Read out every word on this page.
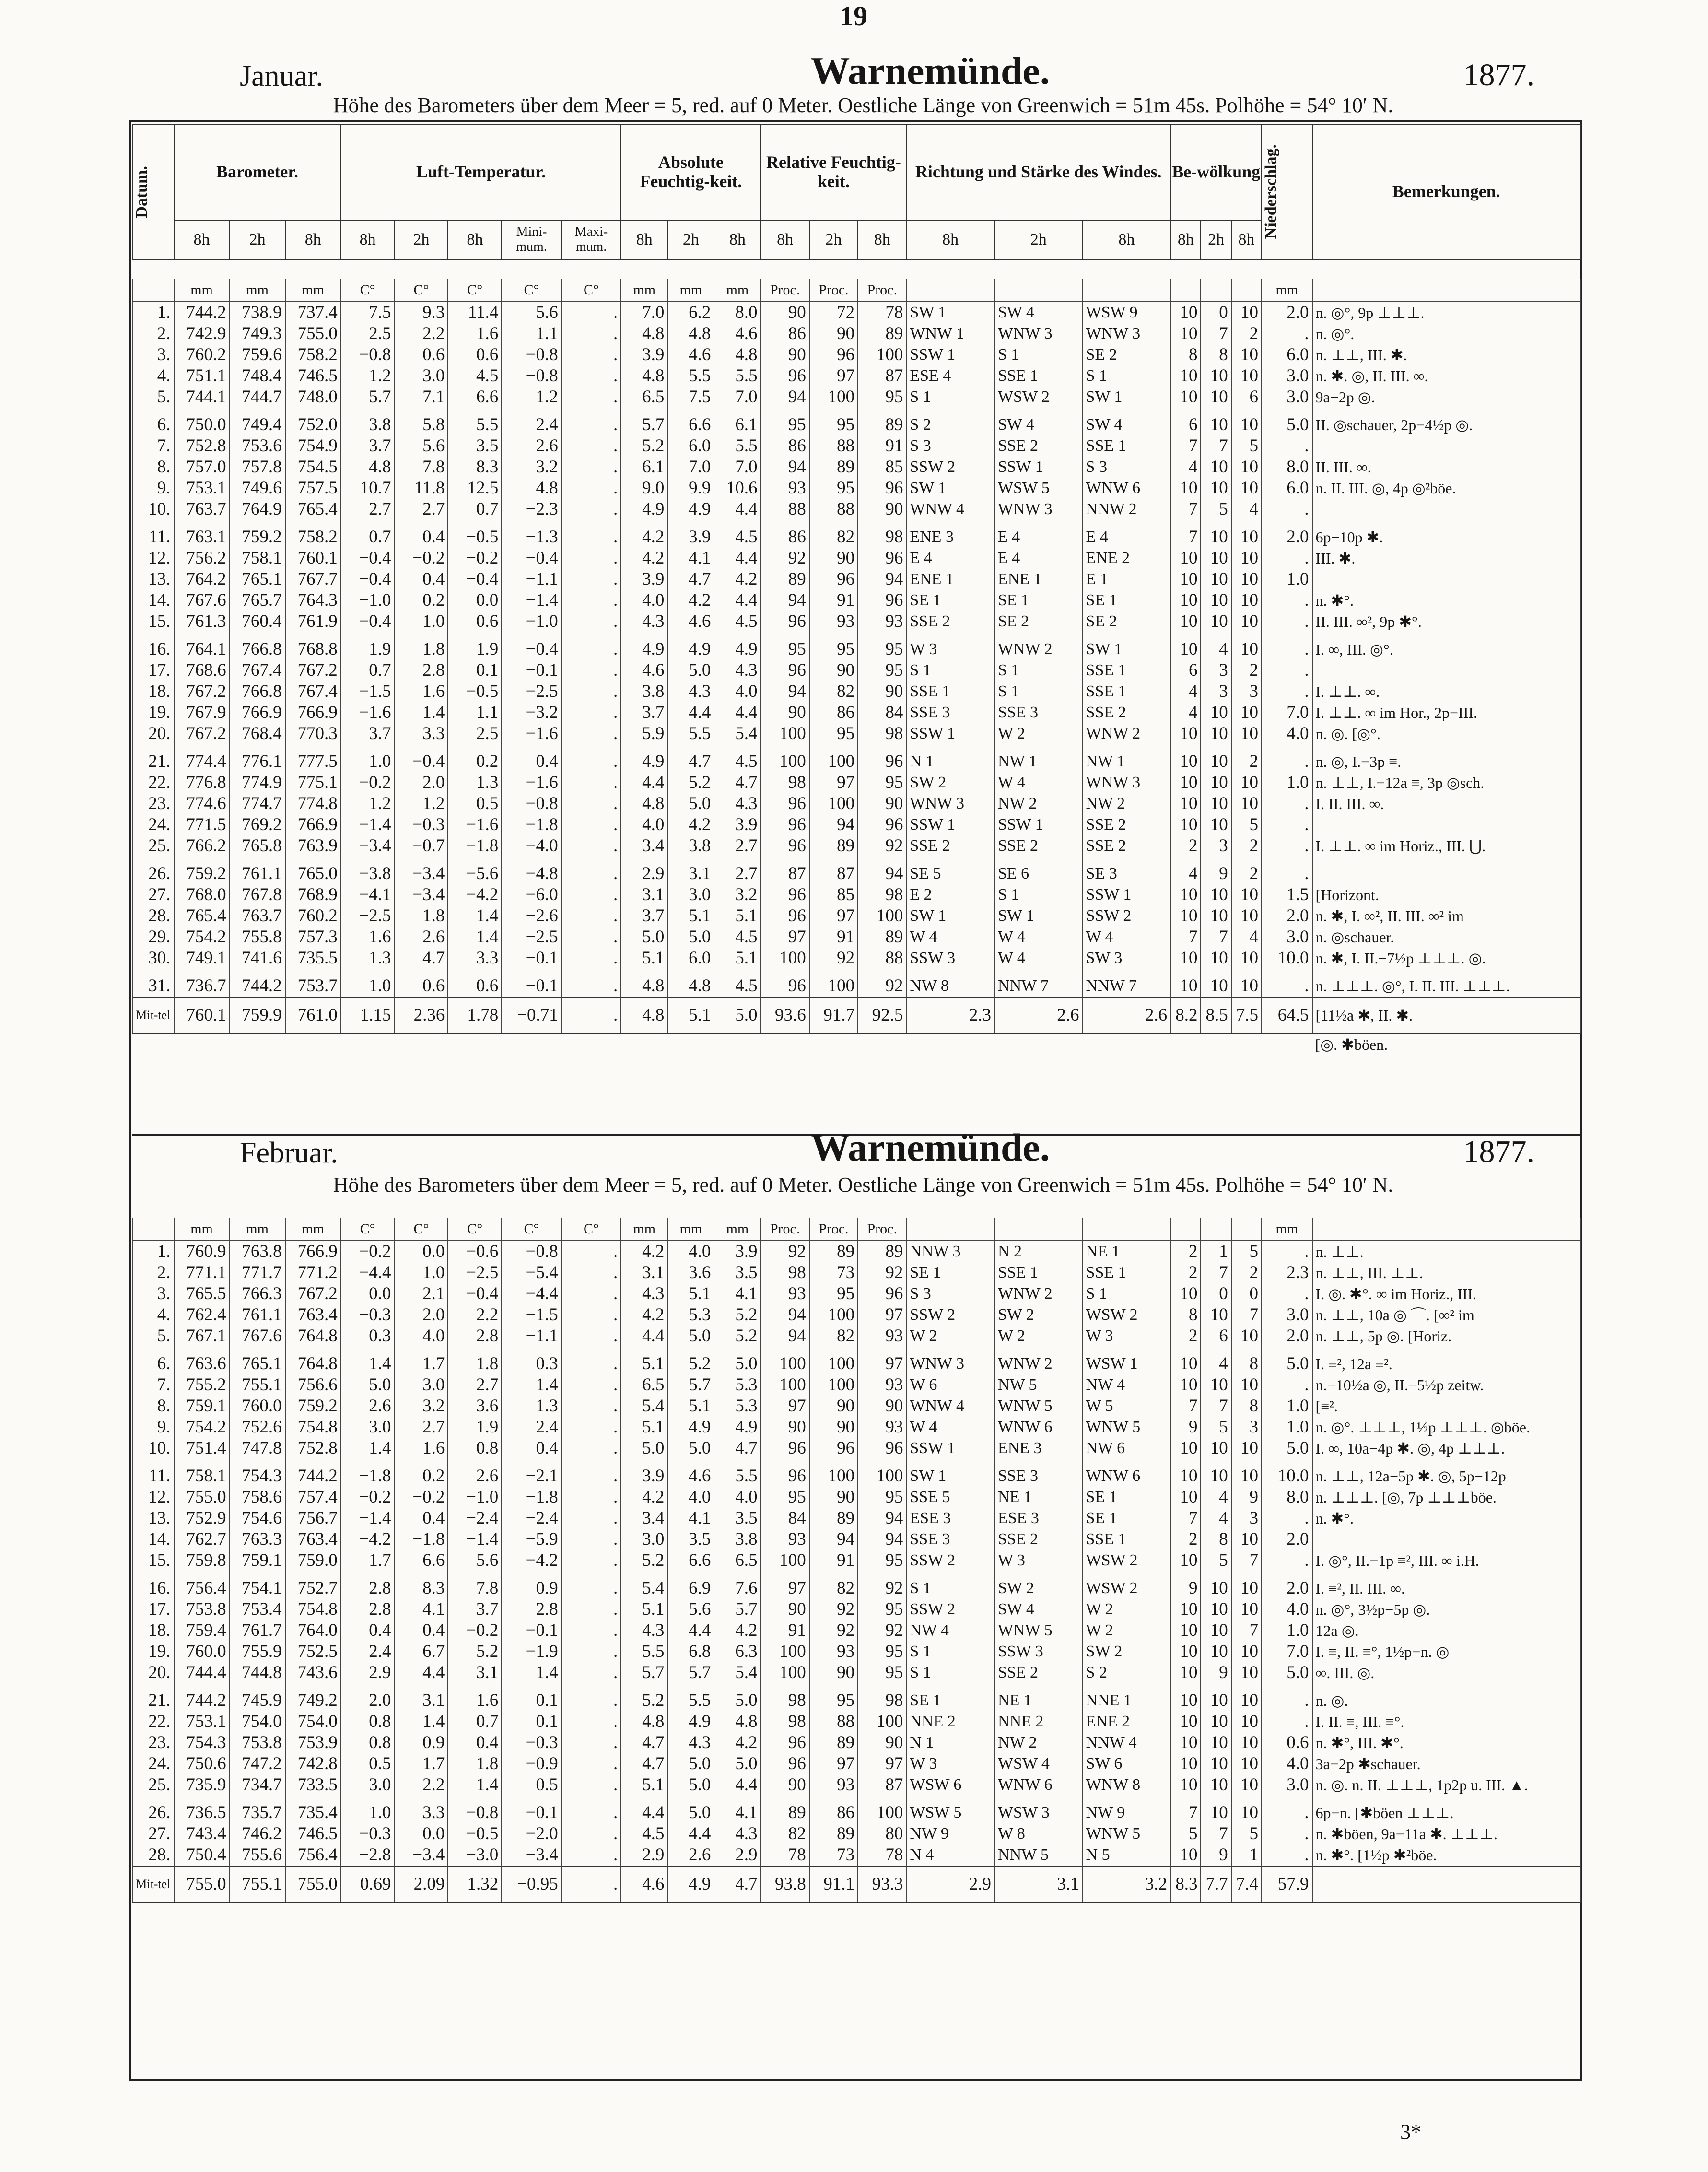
19
Januar.	Warnemünde.	1877.
Höhe des Barometers über dem Meer = 5, red. auf 0 Meter. Oestliche Länge von Greenwich = 51m 45s. Polhöhe = 54° 10′ N.
Datum.	Barometer.			Luft-Temperatur.					Absolute Feuchtig-keit.			Relative Feuchtig-keit.			Richtung und Stärke des Windes.			Be-wölkung			Niederschlag.	Bemerkungen.
	8h	2h	8h	8h	2h	8h	Mini-mum.	Maxi-mum.	8h	2h	8h	8h	2h	8h	8h	2h	8h	8h	2h	8h		
	mm	mm	mm	C°	C°	C°	C°	C°	mm	mm	mm	Proc.	Proc.	Proc.							mm	
1.	744.2	738.9	737.4	7.5	9.3	11.4	5.6	.	7.0	6.2	8.0	90	72	78	SW 1	SW 4	WSW 9	10	0	10	2.0	n. ◎°, 9p ⊥⊥⊥.
2.	742.9	749.3	755.0	2.5	2.2	1.6	1.1	.	4.8	4.8	4.6	86	90	89	WNW 1	WNW 3	WNW 3	10	7	2	.	n. ◎°.
3.	760.2	759.6	758.2	−0.8	0.6	0.6	−0.8	.	3.9	4.6	4.8	90	96	100	SSW 1	S 1	SE 2	8	8	10	6.0	n. ⊥⊥, III. ✱.
4.	751.1	748.4	746.5	1.2	3.0	4.5	−0.8	.	4.8	5.5	5.5	96	97	87	ESE 4	SSE 1	S 1	10	10	10	3.0	n. ✱. ◎, II. III. ∞.
5.	744.1	744.7	748.0	5.7	7.1	6.6	1.2	.	6.5	7.5	7.0	94	100	95	S 1	WSW 2	SW 1	10	10	6	3.0	9a−2p ◎.

6.	750.0	749.4	752.0	3.8	5.8	5.5	2.4	.	5.7	6.6	6.1	95	95	89	S 2	SW 4	SW 4	6	10	10	5.0	II. ◎schauer, 2p−4½p ◎.
7.	752.8	753.6	754.9	3.7	5.6	3.5	2.6	.	5.2	6.0	5.5	86	88	91	S 3	SSE 2	SSE 1	7	7	5	.	
8.	757.0	757.8	754.5	4.8	7.8	8.3	3.2	.	6.1	7.0	7.0	94	89	85	SSW 2	SSW 1	S 3	4	10	10	8.0	II. III. ∞.
9.	753.1	749.6	757.5	10.7	11.8	12.5	4.8	.	9.0	9.9	10.6	93	95	96	SW 1	WSW 5	WNW 6	10	10	10	6.0	n. II. III. ◎, 4p ◎²böe.
10.	763.7	764.9	765.4	2.7	2.7	0.7	−2.3	.	4.9	4.9	4.4	88	88	90	WNW 4	WNW 3	NNW 2	7	5	4	.	

11.	763.1	759.2	758.2	0.7	0.4	−0.5	−1.3	.	4.2	3.9	4.5	86	82	98	ENE 3	E 4	E 4	7	10	10	2.0	6p−10p ✱.
12.	756.2	758.1	760.1	−0.4	−0.2	−0.2	−0.4	.	4.2	4.1	4.4	92	90	96	E 4	E 4	ENE 2	10	10	10	.	III. ✱.
13.	764.2	765.1	767.7	−0.4	0.4	−0.4	−1.1	.	3.9	4.7	4.2	89	96	94	ENE 1	ENE 1	E 1	10	10	10	1.0	
14.	767.6	765.7	764.3	−1.0	0.2	0.0	−1.4	.	4.0	4.2	4.4	94	91	96	SE 1	SE 1	SE 1	10	10	10	.	n. ✱°.
15.	761.3	760.4	761.9	−0.4	1.0	0.6	−1.0	.	4.3	4.6	4.5	96	93	93	SSE 2	SE 2	SE 2	10	10	10	.	II. III. ∞², 9p ✱°.

16.	764.1	766.8	768.8	1.9	1.8	1.9	−0.4	.	4.9	4.9	4.9	95	95	95	W 3	WNW 2	SW 1	10	4	10	.	I. ∞, III. ◎°.
17.	768.6	767.4	767.2	0.7	2.8	0.1	−0.1	.	4.6	5.0	4.3	96	90	95	S 1	S 1	SSE 1	6	3	2	.	
18.	767.2	766.8	767.4	−1.5	1.6	−0.5	−2.5	.	3.8	4.3	4.0	94	82	90	SSE 1	S 1	SSE 1	4	3	3	.	I. ⊥⊥. ∞.
19.	767.9	766.9	766.9	−1.6	1.4	1.1	−3.2	.	3.7	4.4	4.4	90	86	84	SSE 3	SSE 3	SSE 2	4	10	10	7.0	I. ⊥⊥. ∞ im Hor., 2p−III.
20.	767.2	768.4	770.3	3.7	3.3	2.5	−1.6	.	5.9	5.5	5.4	100	95	98	SSW 1	W 2	WNW 2	10	10	10	4.0	n. ◎. [◎°.

21.	774.4	776.1	777.5	1.0	−0.4	0.2	0.4	.	4.9	4.7	4.5	100	100	96	N 1	NW 1	NW 1	10	10	2	.	n. ◎, I.−3p ≡.
22.	776.8	774.9	775.1	−0.2	2.0	1.3	−1.6	.	4.4	5.2	4.7	98	97	95	SW 2	W 4	WNW 3	10	10	10	1.0	n. ⊥⊥, I.−12a ≡, 3p ◎sch.
23.	774.6	774.7	774.8	1.2	1.2	0.5	−0.8	.	4.8	5.0	4.3	96	100	90	WNW 3	NW 2	NW 2	10	10	10	.	I. II. III. ∞.
24.	771.5	769.2	766.9	−1.4	−0.3	−1.6	−1.8	.	4.0	4.2	3.9	96	94	96	SSW 1	SSW 1	SSE 2	10	10	5	.	
25.	766.2	765.8	763.9	−3.4	−0.7	−1.8	−4.0	.	3.4	3.8	2.7	96	89	92	SSE 2	SSE 2	SSE 2	2	3	2	.	I. ⊥⊥. ∞ im Horiz., III. ⋃.

26.	759.2	761.1	765.0	−3.8	−3.4	−5.6	−4.8	.	2.9	3.1	2.7	87	87	94	SE 5	SE 6	SE 3	4	9	2	.	
27.	768.0	767.8	768.9	−4.1	−3.4	−4.2	−6.0	.	3.1	3.0	3.2	96	85	98	E 2	S 1	SSW 1	10	10	10	1.5	[Horizont.
28.	765.4	763.7	760.2	−2.5	1.8	1.4	−2.6	.	3.7	5.1	5.1	96	97	100	SW 1	SW 1	SSW 2	10	10	10	2.0	n. ✱, I. ∞², II. III. ∞² im
29.	754.2	755.8	757.3	1.6	2.6	1.4	−2.5	.	5.0	5.0	4.5	97	91	89	W 4	W 4	W 4	7	7	4	3.0	n. ◎schauer.
30.	749.1	741.6	735.5	1.3	4.7	3.3	−0.1	.	5.1	6.0	5.1	100	92	88	SSW 3	W 4	SW 3	10	10	10	10.0	n. ✱, I. II.−7½p ⊥⊥⊥. ◎.

31.	736.7	744.2	753.7	1.0	0.6	0.6	−0.1	.	4.8	4.8	4.5	96	100	92	NW 8	NNW 7	NNW 7	10	10	10	.	n. ⊥⊥⊥. ◎°, I. II. III. ⊥⊥⊥.
Mit-tel	760.1	759.9	761.0	1.15	2.36	1.78	−0.71	.	4.8	5.1	5.0	93.6	91.7	92.5	2.3	2.6	2.6	8.2	8.5	7.5	64.5	[11½a ✱, II. ✱.
																						[◎. ✱böen.
Februar.	Warnemünde.	1877.
Höhe des Barometers über dem Meer = 5, red. auf 0 Meter. Oestliche Länge von Greenwich = 51m 45s. Polhöhe = 54° 10′ N.
	mm	mm	mm	C°	C°	C°	C°	C°	mm	mm	mm	Proc.	Proc.	Proc.							mm	
1.	760.9	763.8	766.9	−0.2	0.0	−0.6	−0.8	.	4.2	4.0	3.9	92	89	89	NNW 3	N 2	NE 1	2	1	5	.	n. ⊥⊥.
2.	771.1	771.7	771.2	−4.4	1.0	−2.5	−5.4	.	3.1	3.6	3.5	98	73	92	SE 1	SSE 1	SSE 1	2	7	2	2.3	n. ⊥⊥, III. ⊥⊥.
3.	765.5	766.3	767.2	0.0	2.1	−0.4	−4.4	.	4.3	5.1	4.1	93	95	96	S 3	WNW 2	S 1	10	0	0	.	I. ◎. ✱°. ∞ im Horiz., III.
4.	762.4	761.1	763.4	−0.3	2.0	2.2	−1.5	.	4.2	5.3	5.2	94	100	97	SSW 2	SW 2	WSW 2	8	10	7	3.0	n. ⊥⊥, 10a ◎ ⌒. [∞² im
5.	767.1	767.6	764.8	0.3	4.0	2.8	−1.1	.	4.4	5.0	5.2	94	82	93	W 2	W 2	W 3	2	6	10	2.0	n. ⊥⊥, 5p ◎. [Horiz.

6.	763.6	765.1	764.8	1.4	1.7	1.8	0.3	.	5.1	5.2	5.0	100	100	97	WNW 3	WNW 2	WSW 1	10	4	8	5.0	I. ≡², 12a ≡².
7.	755.2	755.1	756.6	5.0	3.0	2.7	1.4	.	6.5	5.7	5.3	100	100	93	W 6	NW 5	NW 4	10	10	10	.	n.−10½a ◎, II.−5½p zeitw.
8.	759.1	760.0	759.2	2.6	3.2	3.6	1.3	.	5.4	5.1	5.3	97	90	90	WNW 4	WNW 5	W 5	7	7	8	1.0	[≡².
9.	754.2	752.6	754.8	3.0	2.7	1.9	2.4	.	5.1	4.9	4.9	90	90	93	W 4	WNW 6	WNW 5	9	5	3	1.0	n. ◎°. ⊥⊥⊥, 1½p ⊥⊥⊥. ◎böe.
10.	751.4	747.8	752.8	1.4	1.6	0.8	0.4	.	5.0	5.0	4.7	96	96	96	SSW 1	ENE 3	NW 6	10	10	10	5.0	I. ∞, 10a−4p ✱. ◎, 4p ⊥⊥⊥.

11.	758.1	754.3	744.2	−1.8	0.2	2.6	−2.1	.	3.9	4.6	5.5	96	100	100	SW 1	SSE 3	WNW 6	10	10	10	10.0	n. ⊥⊥, 12a−5p ✱. ◎, 5p−12p
12.	755.0	758.6	757.4	−0.2	−0.2	−1.0	−1.8	.	4.2	4.0	4.0	95	90	95	SSE 5	NE 1	SE 1	10	4	9	8.0	n. ⊥⊥⊥. [◎, 7p ⊥⊥⊥böe.
13.	752.9	754.6	756.7	−1.4	0.4	−2.4	−2.4	.	3.4	4.1	3.5	84	89	94	ESE 3	ESE 3	SE 1	7	4	3	.	n. ✱°.
14.	762.7	763.3	763.4	−4.2	−1.8	−1.4	−5.9	.	3.0	3.5	3.8	93	94	94	SSE 3	SSE 2	SSE 1	2	8	10	2.0	
15.	759.8	759.1	759.0	1.7	6.6	5.6	−4.2	.	5.2	6.6	6.5	100	91	95	SSW 2	W 3	WSW 2	10	5	7	.	I. ◎°, II.−1p ≡², III. ∞ i.H.

16.	756.4	754.1	752.7	2.8	8.3	7.8	0.9	.	5.4	6.9	7.6	97	82	92	S 1	SW 2	WSW 2	9	10	10	2.0	I. ≡², II. III. ∞.
17.	753.8	753.4	754.8	2.8	4.1	3.7	2.8	.	5.1	5.6	5.7	90	92	95	SSW 2	SW 4	W 2	10	10	10	4.0	n. ◎°, 3½p−5p ◎.
18.	759.4	761.7	764.0	0.4	0.4	−0.2	−0.1	.	4.3	4.4	4.2	91	92	92	NW 4	WNW 5	W 2	10	10	7	1.0	12a ◎.
19.	760.0	755.9	752.5	2.4	6.7	5.2	−1.9	.	5.5	6.8	6.3	100	93	95	S 1	SSW 3	SW 2	10	10	10	7.0	I. ≡, II. ≡°, 1½p−n. ◎
20.	744.4	744.8	743.6	2.9	4.4	3.1	1.4	.	5.7	5.7	5.4	100	90	95	S 1	SSE 2	S 2	10	9	10	5.0	∞. III. ◎.

21.	744.2	745.9	749.2	2.0	3.1	1.6	0.1	.	5.2	5.5	5.0	98	95	98	SE 1	NE 1	NNE 1	10	10	10	.	n. ◎.
22.	753.1	754.0	754.0	0.8	1.4	0.7	0.1	.	4.8	4.9	4.8	98	88	100	NNE 2	NNE 2	ENE 2	10	10	10	.	I. II. ≡, III. ≡°.
23.	754.3	753.8	753.9	0.8	0.9	0.4	−0.3	.	4.7	4.3	4.2	96	89	90	N 1	NW 2	NNW 4	10	10	10	0.6	n. ✱°, III. ✱°.
24.	750.6	747.2	742.8	0.5	1.7	1.8	−0.9	.	4.7	5.0	5.0	96	97	97	W 3	WSW 4	SW 6	10	10	10	4.0	3a−2p ✱schauer.
25.	735.9	734.7	733.5	3.0	2.2	1.4	0.5	.	5.1	5.0	4.4	90	93	87	WSW 6	WNW 6	WNW 8	10	10	10	3.0	n. ◎. n. II. ⊥⊥⊥, 1p2p u. III. ▲.

26.	736.5	735.7	735.4	1.0	3.3	−0.8	−0.1	.	4.4	5.0	4.1	89	86	100	WSW 5	WSW 3	NW 9	7	10	10	.	6p−n. [✱böen ⊥⊥⊥.
27.	743.4	746.2	746.5	−0.3	0.0	−0.5	−2.0	.	4.5	4.4	4.3	82	89	80	NW 9	W 8	WNW 5	5	7	5	.	n. ✱böen, 9a−11a ✱. ⊥⊥⊥.
28.	750.4	755.6	756.4	−2.8	−3.4	−3.0	−3.4	.	2.9	2.6	2.9	78	73	78	N 4	NNW 5	N 5	10	9	1	.	n. ✱°. [1½p ✱²böe.
Mit-tel	755.0	755.1	755.0	0.69	2.09	1.32	−0.95	.	4.6	4.9	4.7	93.8	91.1	93.3	2.9	3.1	3.2	8.3	7.7	7.4	57.9	
3*
